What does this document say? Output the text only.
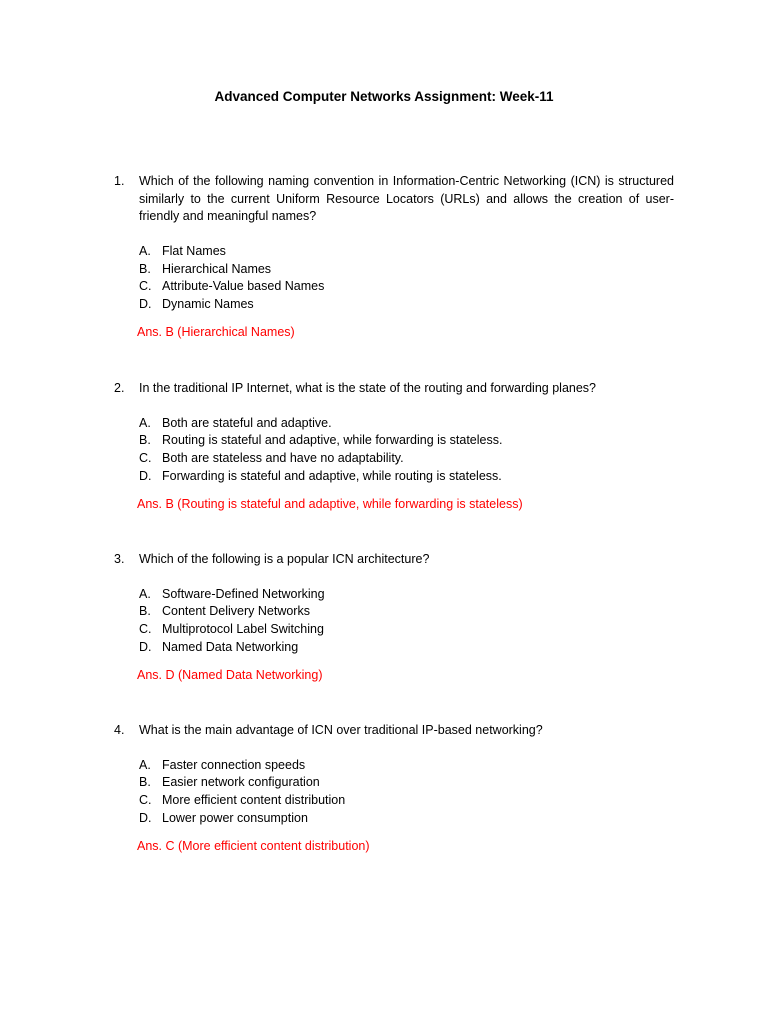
Advanced Computer Networks Assignment: Week-11
1.	Which of the following naming convention in Information-Centric Networking (ICN) is structured similarly to the current Uniform Resource Locators (URLs) and allows the creation of user-friendly and meaningful names?
A. Flat Names
B. Hierarchical Names
C. Attribute-Value based Names
D. Dynamic Names
Ans. B (Hierarchical Names)
2.	In the traditional IP Internet, what is the state of the routing and forwarding planes?
A. Both are stateful and adaptive.
B. Routing is stateful and adaptive, while forwarding is stateless.
C. Both are stateless and have no adaptability.
D. Forwarding is stateful and adaptive, while routing is stateless.
Ans. B (Routing is stateful and adaptive, while forwarding is stateless)
3.	Which of the following is a popular ICN architecture?
A. Software-Defined Networking
B. Content Delivery Networks
C. Multiprotocol Label Switching
D. Named Data Networking
Ans. D (Named Data Networking)
4.	What is the main advantage of ICN over traditional IP-based networking?
A. Faster connection speeds
B. Easier network configuration
C. More efficient content distribution
D. Lower power consumption
Ans. C (More efficient content distribution)
